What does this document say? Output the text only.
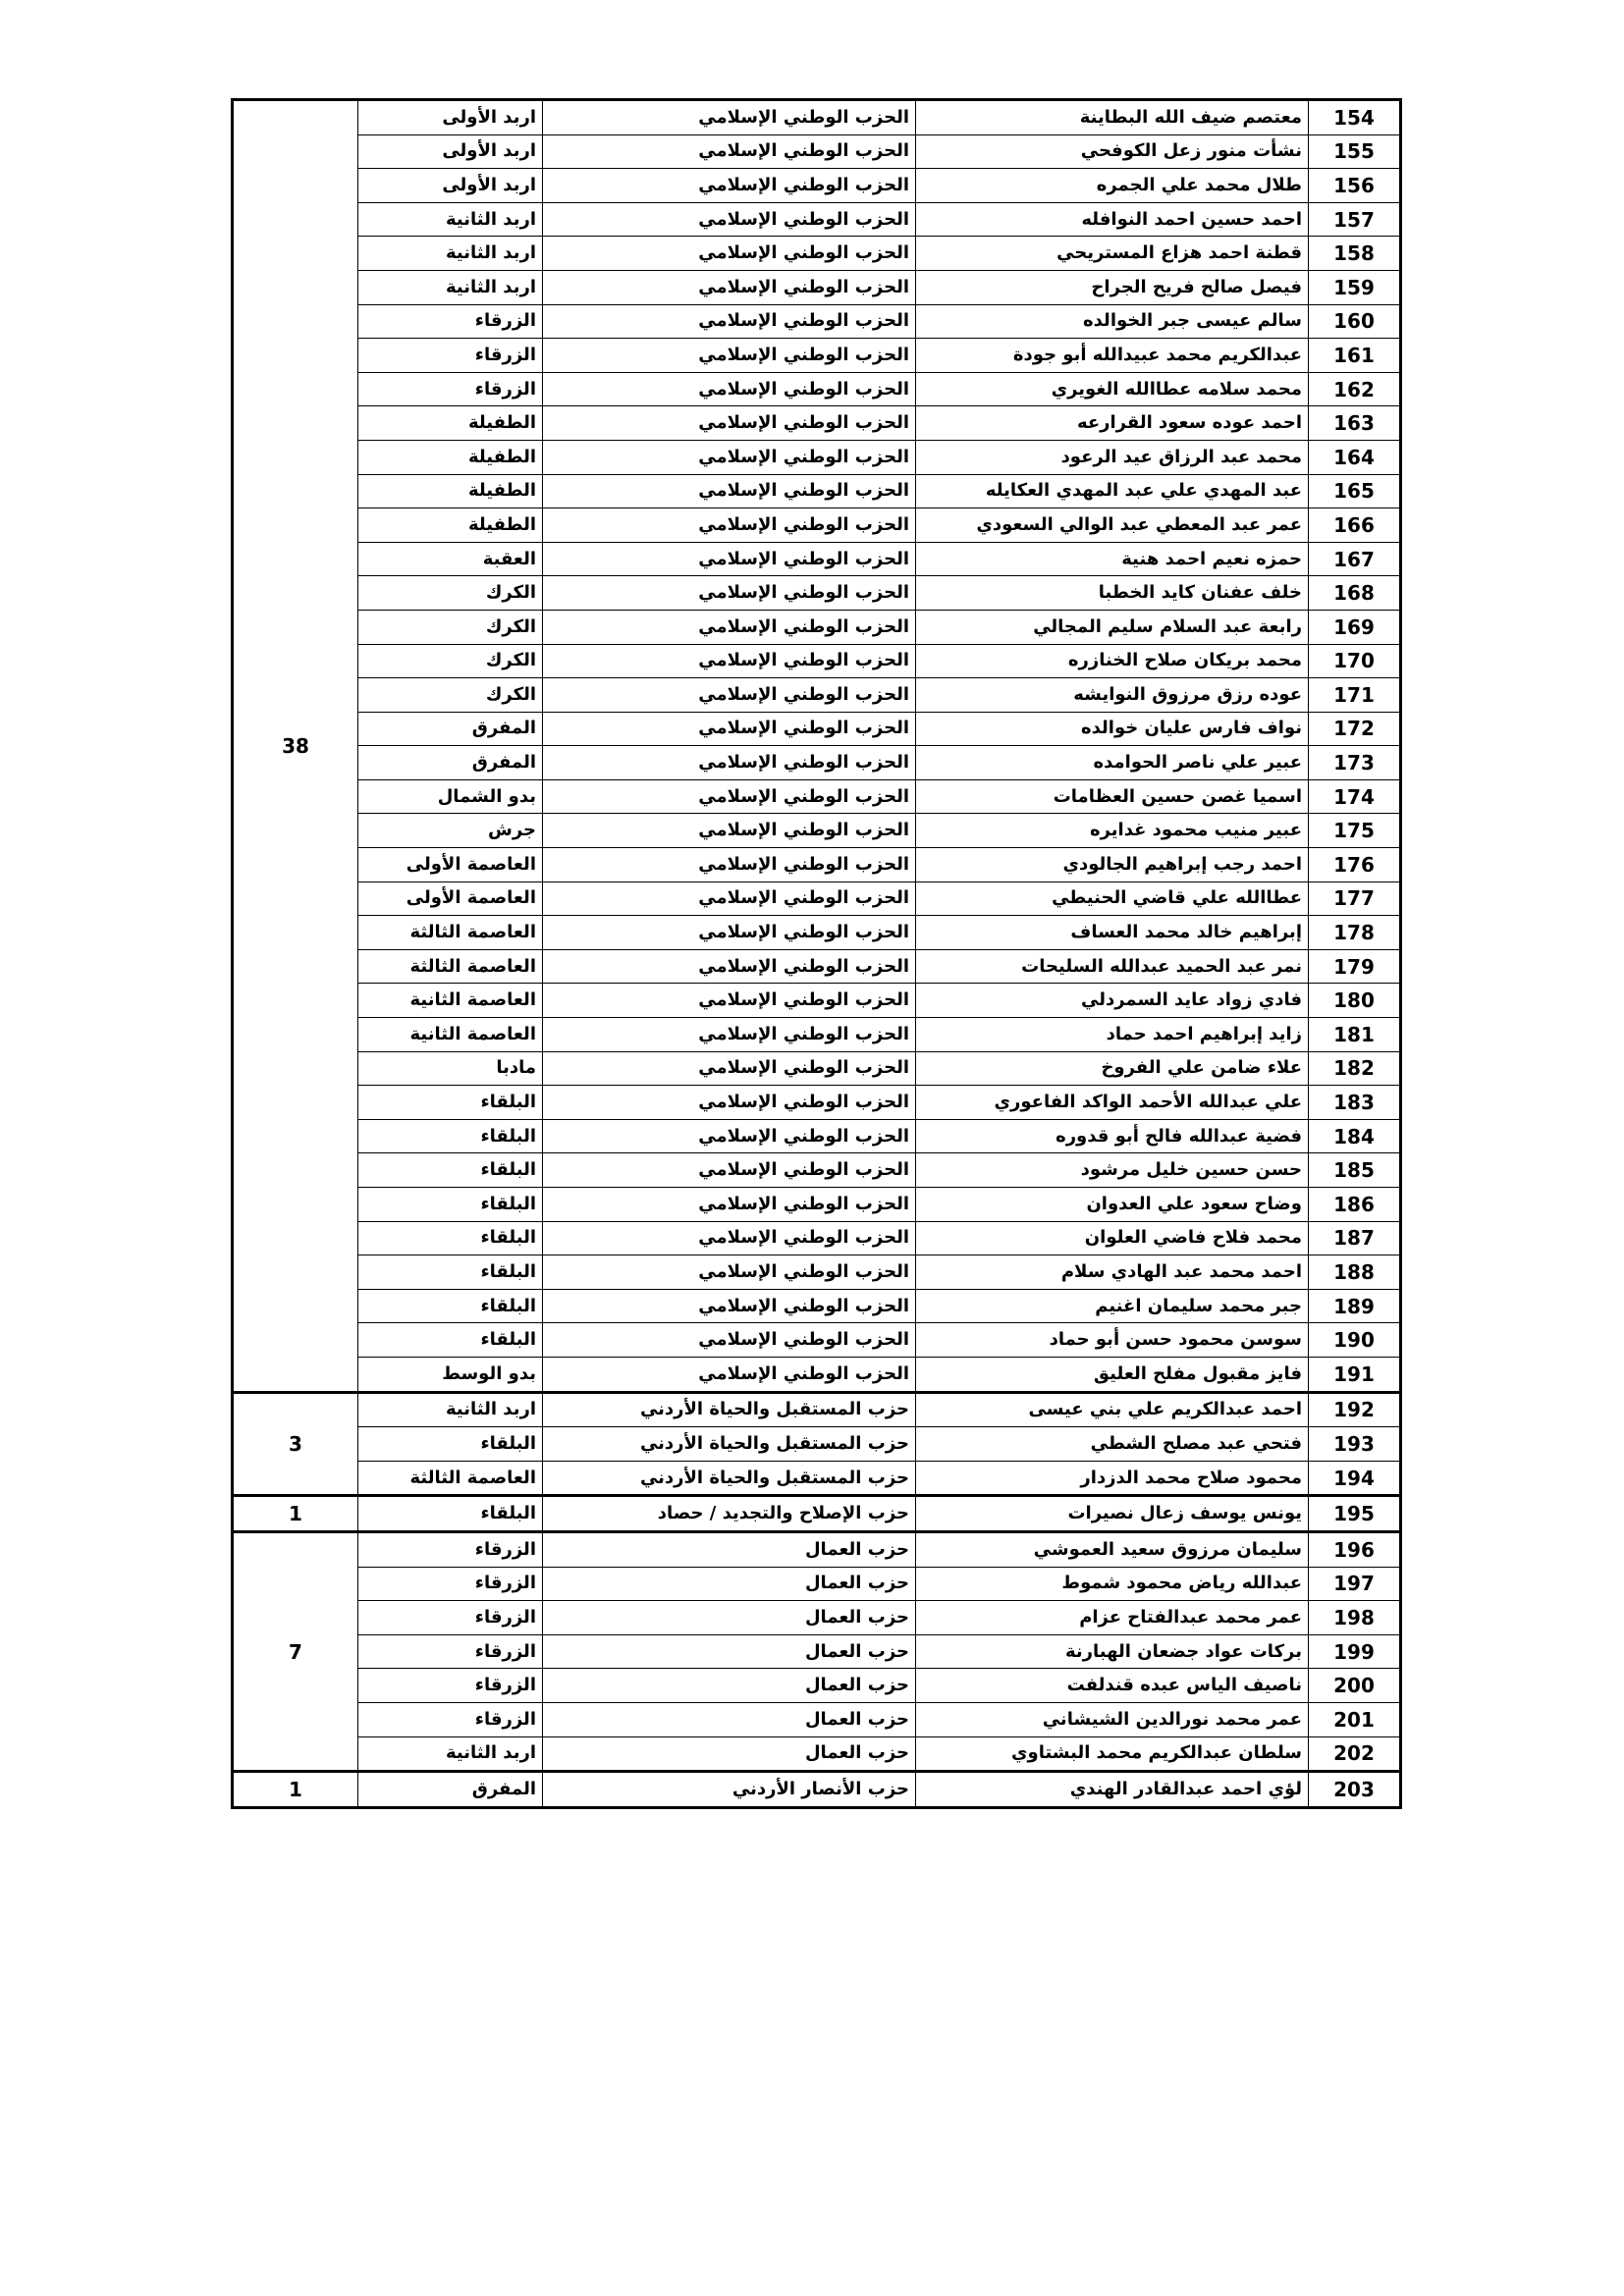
154	معتصم ضيف الله البطاينة	الحزب الوطني الإسلامي	اربد الأولى	38
155	نشأت منور زعل الكوفحي	الحزب الوطني الإسلامي	اربد الأولى	
156	طلال محمد علي الجمره	الحزب الوطني الإسلامي	اربد الأولى	
157	احمد حسين احمد النوافله	الحزب الوطني الإسلامي	اربد الثانية	
158	قطنة احمد هزاع المستريحي	الحزب الوطني الإسلامي	اربد الثانية	
159	فيصل صالح فريح الجراح	الحزب الوطني الإسلامي	اربد الثانية	
160	سالم عيسى جبر الخوالده	الحزب الوطني الإسلامي	الزرقاء	
161	عبدالكريم محمد عبيدالله أبو جودة	الحزب الوطني الإسلامي	الزرقاء	
162	محمد سلامه عطاالله الغويري	الحزب الوطني الإسلامي	الزرقاء	
163	احمد عوده سعود القرارعه	الحزب الوطني الإسلامي	الطفيلة	
164	محمد عبد الرزاق عيد الرعود	الحزب الوطني الإسلامي	الطفيلة	
165	عبد المهدي علي عبد المهدي العكايله	الحزب الوطني الإسلامي	الطفيلة	
166	عمر عبد المعطي عبد الوالي السعودي	الحزب الوطني الإسلامي	الطفيلة	
167	حمزه نعيم احمد هنية	الحزب الوطني الإسلامي	العقبة	
168	خلف عفنان كايد الخطبا	الحزب الوطني الإسلامي	الكرك	
169	رابعة عبد السلام سليم المجالي	الحزب الوطني الإسلامي	الكرك	
170	محمد بريكان صلاح الخنازره	الحزب الوطني الإسلامي	الكرك	
171	عوده رزق مرزوق النوايشه	الحزب الوطني الإسلامي	الكرك	
172	نواف فارس عليان خوالده	الحزب الوطني الإسلامي	المفرق	
173	عبير علي ناصر الحوامده	الحزب الوطني الإسلامي	المفرق	
174	اسميا غصن حسين العظامات	الحزب الوطني الإسلامي	بدو الشمال	
175	عبير منيب محمود غدايره	الحزب الوطني الإسلامي	جرش	
176	احمد رجب إبراهيم الجالودي	الحزب الوطني الإسلامي	العاصمة الأولى	
177	عطاالله علي قاضي الحنيطي	الحزب الوطني الإسلامي	العاصمة الأولى	
178	إبراهيم خالد محمد العساف	الحزب الوطني الإسلامي	العاصمة الثالثة	
179	نمر عبد الحميد عبدالله السليحات	الحزب الوطني الإسلامي	العاصمة الثالثة	
180	فادي زواد عايد السمردلي	الحزب الوطني الإسلامي	العاصمة الثانية	
181	زايد إبراهيم احمد حماد	الحزب الوطني الإسلامي	العاصمة الثانية	
182	علاء ضامن علي الفروخ	الحزب الوطني الإسلامي	مادبا	
183	علي عبدالله الأحمد الواكد الفاعوري	الحزب الوطني الإسلامي	البلقاء	
184	فضية عبدالله فالح أبو قدوره	الحزب الوطني الإسلامي	البلقاء	
185	حسن حسين خليل مرشود	الحزب الوطني الإسلامي	البلقاء	
186	وضاح سعود علي العدوان	الحزب الوطني الإسلامي	البلقاء	
187	محمد فلاح فاضي العلوان	الحزب الوطني الإسلامي	البلقاء	
188	احمد محمد عبد الهادي سلام	الحزب الوطني الإسلامي	البلقاء	
189	جبر محمد سليمان اغنيم	الحزب الوطني الإسلامي	البلقاء	
190	سوسن محمود حسن أبو حماد	الحزب الوطني الإسلامي	البلقاء	
191	فايز مقبول مفلح العليق	الحزب الوطني الإسلامي	بدو الوسط	
192	احمد عبدالكريم علي بني عيسى	حزب المستقبل والحياة الأردني	اربد الثانية	3
193	فتحي عبد مصلح الشطي	حزب المستقبل والحياة الأردني	البلقاء	
194	محمود صلاح محمد الدزدار	حزب المستقبل والحياة الأردني	العاصمة الثالثة	
195	يونس يوسف زعال نصيرات	حزب الإصلاح والتجديد / حصاد	البلقاء	1
196	سليمان مرزوق سعيد العموشي	حزب العمال	الزرقاء	7
197	عبدالله رياض محمود شموط	حزب العمال	الزرقاء	
198	عمر محمد عبدالفتاح عزام	حزب العمال	الزرقاء	
199	بركات عواد جضعان الهبارنة	حزب العمال	الزرقاء	
200	ناصيف الياس عبده قندلفت	حزب العمال	الزرقاء	
201	عمر محمد نورالدين الشيشاني	حزب العمال	الزرقاء	
202	سلطان عبدالكريم محمد البشتاوي	حزب العمال	اربد الثانية	
203	لؤي احمد عبدالقادر الهندي	حزب الأنصار الأردني	المفرق	1
